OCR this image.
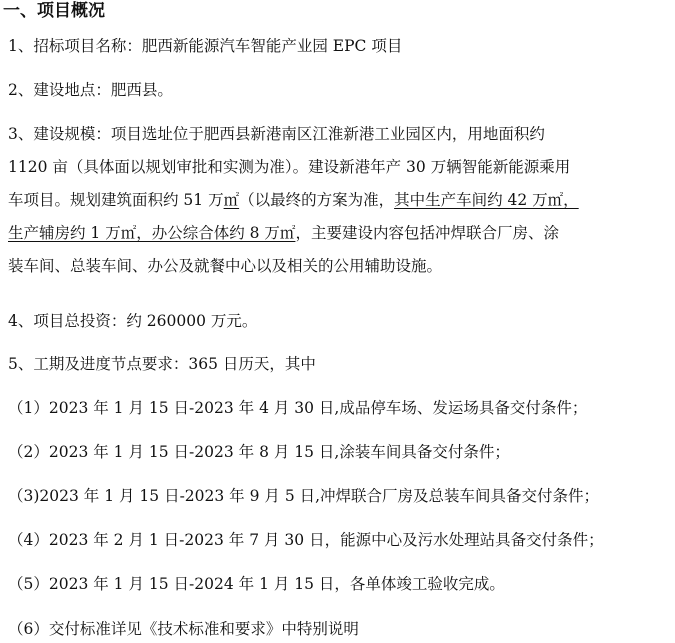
一、项目概况
1、招标项目名称：肥西新能源汽车智能产业园 EPC 项目
2、建设地点：肥西县。
3、建设规模：项目选址位于肥西县新港南区江淮新港工业园区内，用地面积约
1120 亩（具体面以规划审批和实测为准）。建设新港年产 30 万辆智能新能源乘用
车项目。规划建筑面积约 51 万㎡（以最终的方案为准，其中生产车间约 42 万㎡，
生产辅房约 1 万㎡，办公综合体约 8 万㎡，主要建设内容包括冲焊联合厂房、涂
装车间、总装车间、办公及就餐中心以及相关的公用辅助设施。
4、项目总投资：约 260000 万元。
5、工期及进度节点要求：365 日历天，其中
（1）2023 年 1 月 15 日-2023 年 4 月 30 日,成品停车场、发运场具备交付条件；
（2）2023 年 1 月 15 日-2023 年 8 月 15 日,涂装车间具备交付条件；
（3)2023 年 1 月 15 日-2023 年 9 月 5 日,冲焊联合厂房及总装车间具备交付条件；
（4）2023 年 2 月 1 日-2023 年 7 月 30 日，能源中心及污水处理站具备交付条件；
（5）2023 年 1 月 15 日-2024 年 1 月 15 日，各单体竣工验收完成。
（6）交付标准详见《技术标准和要求》中特别说明
